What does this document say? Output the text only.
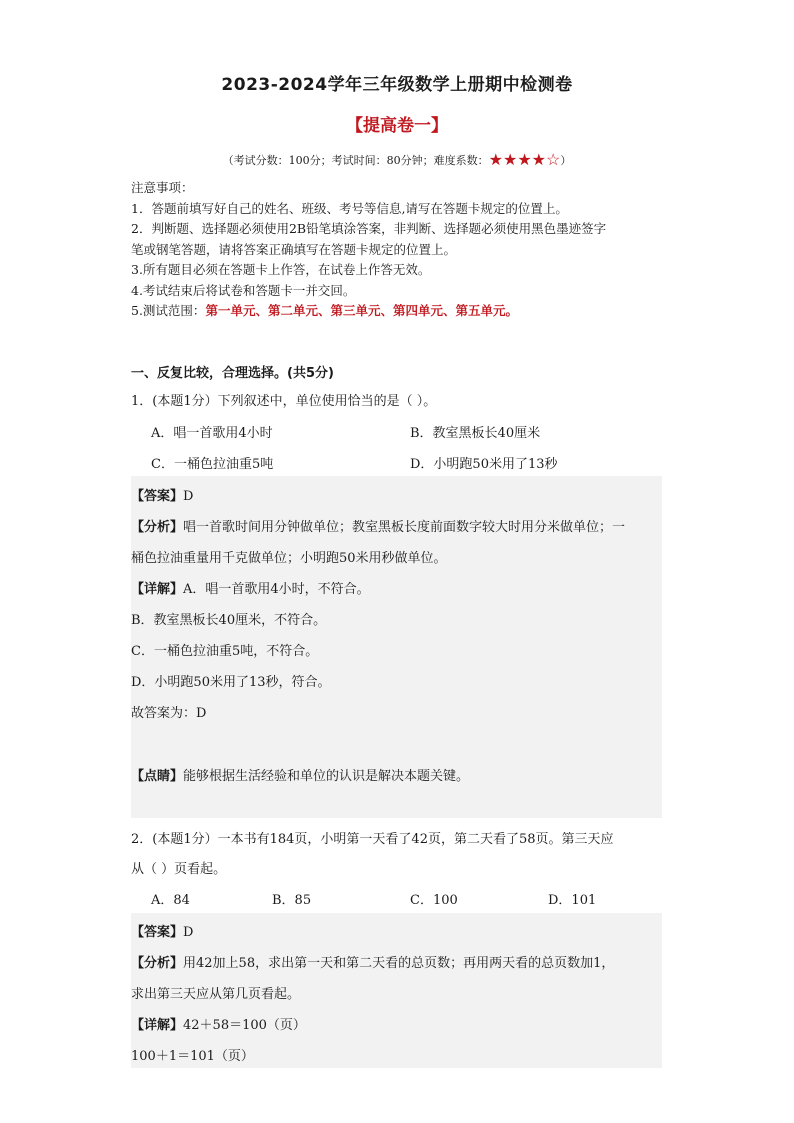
2023-2024学年三年级数学上册期中检测卷
【提高卷一】
（考试分数：100分；考试时间：80分钟；难度系数：★★★★☆）
注意事项：
1．答题前填写好自己的姓名、班级、考号等信息,请写在答题卡规定的位置上。
2．判断题、选择题必须使用2B铅笔填涂答案，非判断、选择题必须使用黑色墨迹签字
笔或钢笔答题，请将答案正确填写在答题卡规定的位置上。
3.所有题目必须在答题卡上作答，在试卷上作答无效。
4.考试结束后将试卷和答题卡一并交回。
5.测试范围：第一单元、第二单元、第三单元、第四单元、第五单元。
一、反复比较，合理选择。(共5分)
1．(本题1分）下列叙述中，单位使用恰当的是（ ）。
A．唱一首歌用4小时	B．教室黑板长40厘米
C．一桶色拉油重5吨	D．小明跑50米用了13秒
【答案】D
【分析】唱一首歌时间用分钟做单位；教室黑板长度前面数字较大时用分米做单位；一
桶色拉油重量用千克做单位；小明跑50米用秒做单位。
【详解】A．唱一首歌用4小时，不符合。
B．教室黑板长40厘米，不符合。
C．一桶色拉油重5吨，不符合。
D．小明跑50米用了13秒，符合。
故答案为：D
【点睛】能够根据生活经验和单位的认识是解决本题关键。
2．(本题1分）一本书有184页，小明第一天看了42页，第二天看了58页。第三天应
从（ ）页看起。
A．84	B．85	C．100	D．101
【答案】D
【分析】用42加上58，求出第一天和第二天看的总页数；再用两天看的总页数加1，
求出第三天应从第几页看起。
【详解】42＋58＝100（页）
100＋1＝101（页）
